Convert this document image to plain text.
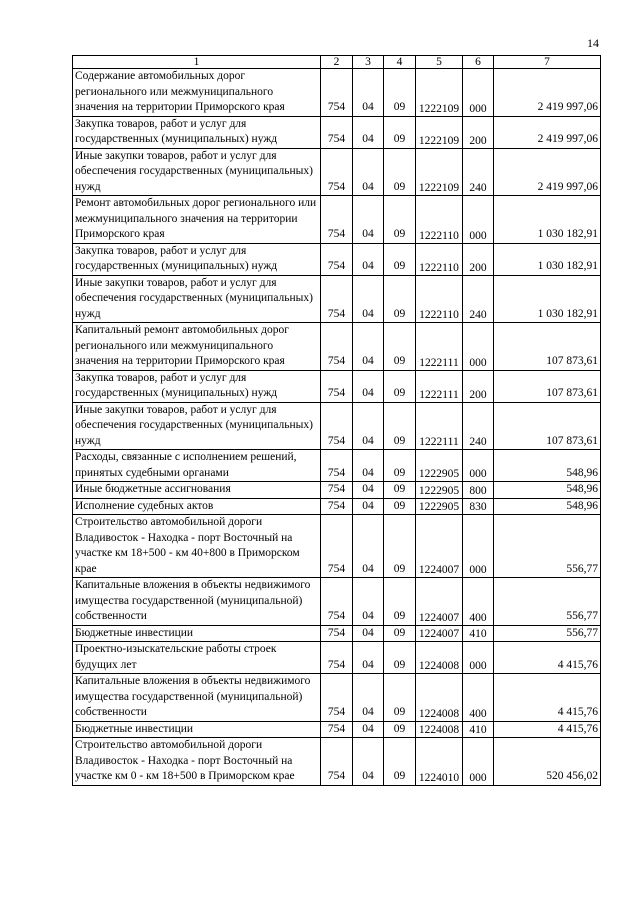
14
1	2	3	4	5	6	7
Содержание автомобильных дорог регионального или межмуниципального значения на территории Приморского края	754	04	09	1222109	000	2 419 997,06
Закупка товаров, работ и услуг для государственных (муниципальных) нужд	754	04	09	1222109	200	2 419 997,06
Иные закупки товаров, работ и услуг для обеспечения государственных (муниципальных) нужд	754	04	09	1222109	240	2 419 997,06
Ремонт автомобильных дорог регионального или межмуниципального значения на территории Приморского края	754	04	09	1222110	000	1 030 182,91
Закупка товаров, работ и услуг для государственных (муниципальных) нужд	754	04	09	1222110	200	1 030 182,91
Иные закупки товаров, работ и услуг для обеспечения государственных (муниципальных) нужд	754	04	09	1222110	240	1 030 182,91
Капитальный ремонт автомобильных дорог регионального или межмуниципального значения на территории Приморского края	754	04	09	1222111	000	107 873,61
Закупка товаров, работ и услуг для государственных (муниципальных) нужд	754	04	09	1222111	200	107 873,61
Иные закупки товаров, работ и услуг для обеспечения государственных (муниципальных) нужд	754	04	09	1222111	240	107 873,61
Расходы, связанные с исполнением решений, принятых судебными органами	754	04	09	1222905	000	548,96
Иные бюджетные ассигнования	754	04	09	1222905	800	548,96
Исполнение судебных актов	754	04	09	1222905	830	548,96
Строительство автомобильной дороги Владивосток - Находка - порт Восточный на участке км 18+500 - км 40+800 в Приморском крае	754	04	09	1224007	000	556,77
Капитальные вложения в объекты недвижимого имущества государственной (муниципальной) собственности	754	04	09	1224007	400	556,77
Бюджетные инвестиции	754	04	09	1224007	410	556,77
Проектно-изыскательские работы строек будущих лет	754	04	09	1224008	000	4 415,76
Капитальные вложения в объекты недвижимого имущества государственной (муниципальной) собственности	754	04	09	1224008	400	4 415,76
Бюджетные инвестиции	754	04	09	1224008	410	4 415,76
Строительство автомобильной дороги Владивосток - Находка - порт Восточный на участке км 0 - км 18+500 в Приморском крае	754	04	09	1224010	000	520 456,02
